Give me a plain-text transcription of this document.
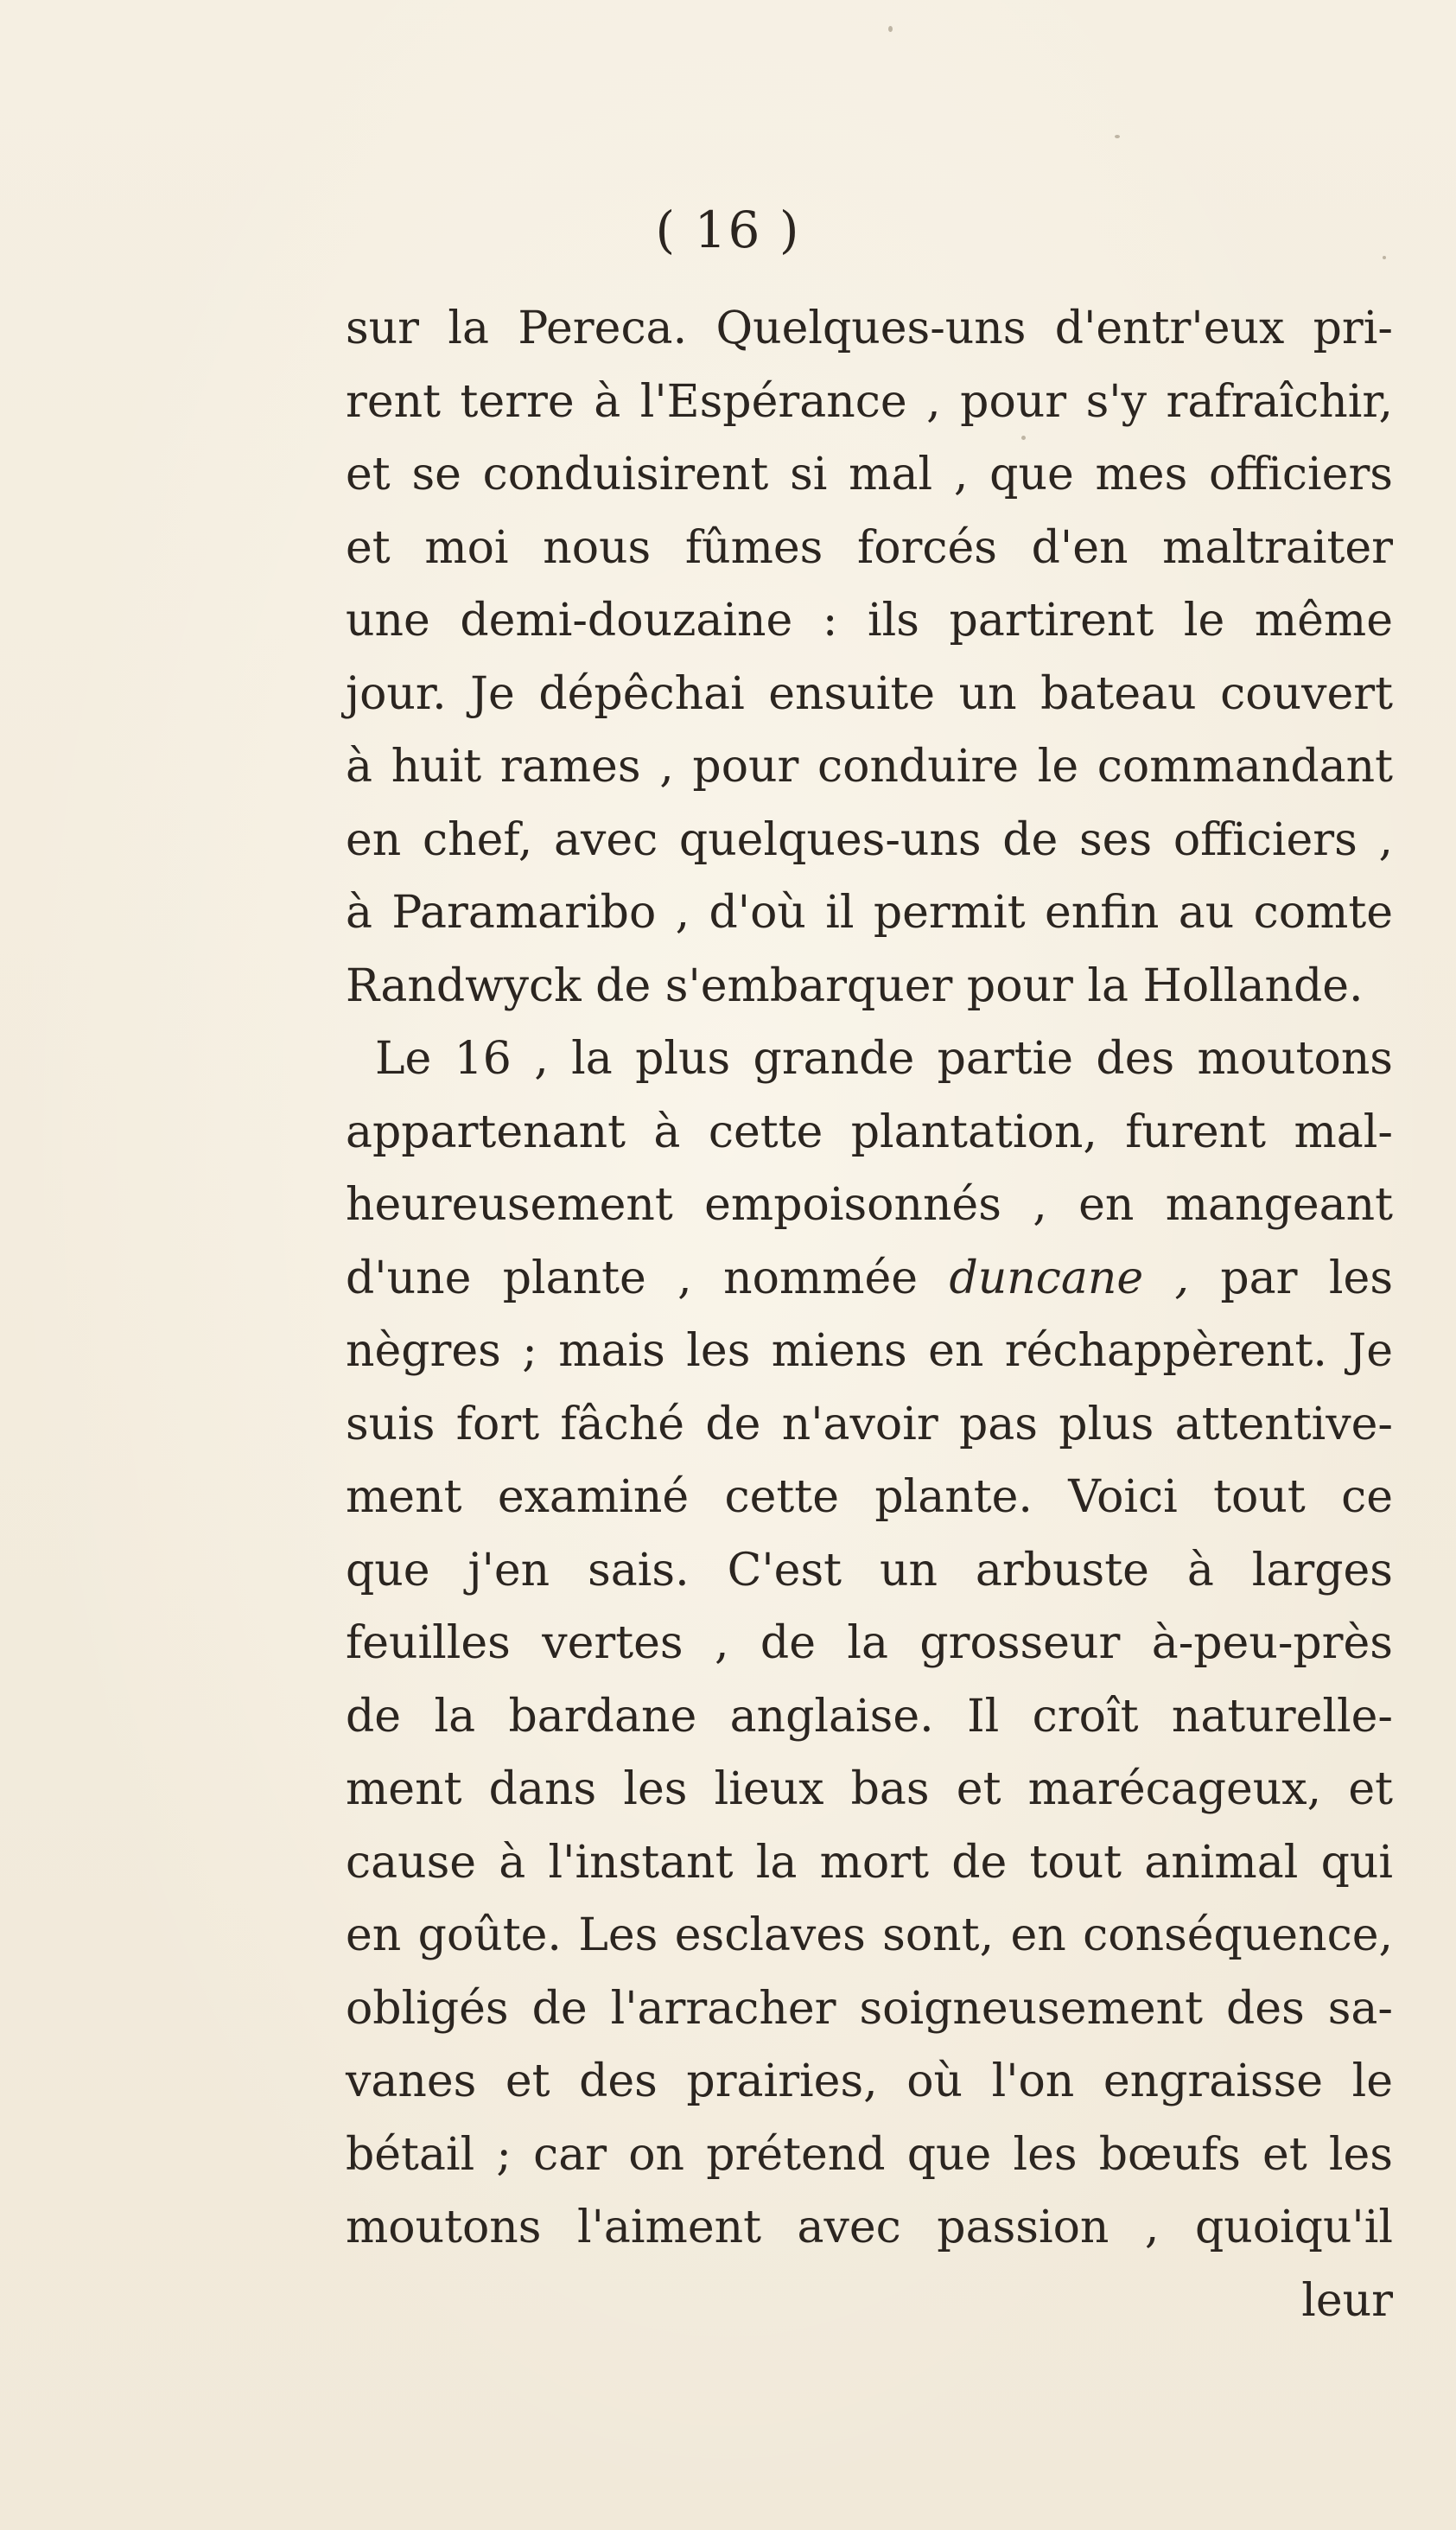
( 16 )
sur la Pereca. Quelques-uns d'entr'eux pri-
rent terre à l'Espérance , pour s'y rafraîchir,
et se conduisirent si mal , que mes officiers
et moi nous fûmes forcés d'en maltraiter
une demi-douzaine : ils partirent le même
jour. Je dépêchai ensuite un bateau couvert
à huit rames , pour conduire le commandant
en chef, avec quelques-uns de ses officiers ,
à Paramaribo , d'où il permit enfin au comte
Randwyck de s'embarquer pour la Hollande.
Le 16 , la plus grande partie des moutons
appartenant à cette plantation, furent mal-
heureusement empoisonnés , en mangeant
d'une plante , nommée duncane , par les
nègres ; mais les miens en réchappèrent. Je
suis fort fâché de n'avoir pas plus attentive-
ment examiné cette plante. Voici tout ce
que j'en sais. C'est un arbuste à larges
feuilles vertes , de la grosseur à-peu-près
de la bardane anglaise. Il croît naturelle-
ment dans les lieux bas et marécageux, et
cause à l'instant la mort de tout animal qui
en goûte. Les esclaves sont, en conséquence,
obligés de l'arracher soigneusement des sa-
vanes et des prairies, où l'on engraisse le
bétail ; car on prétend que les bœufs et les
moutons l'aiment avec passion , quoiqu'il
leur
